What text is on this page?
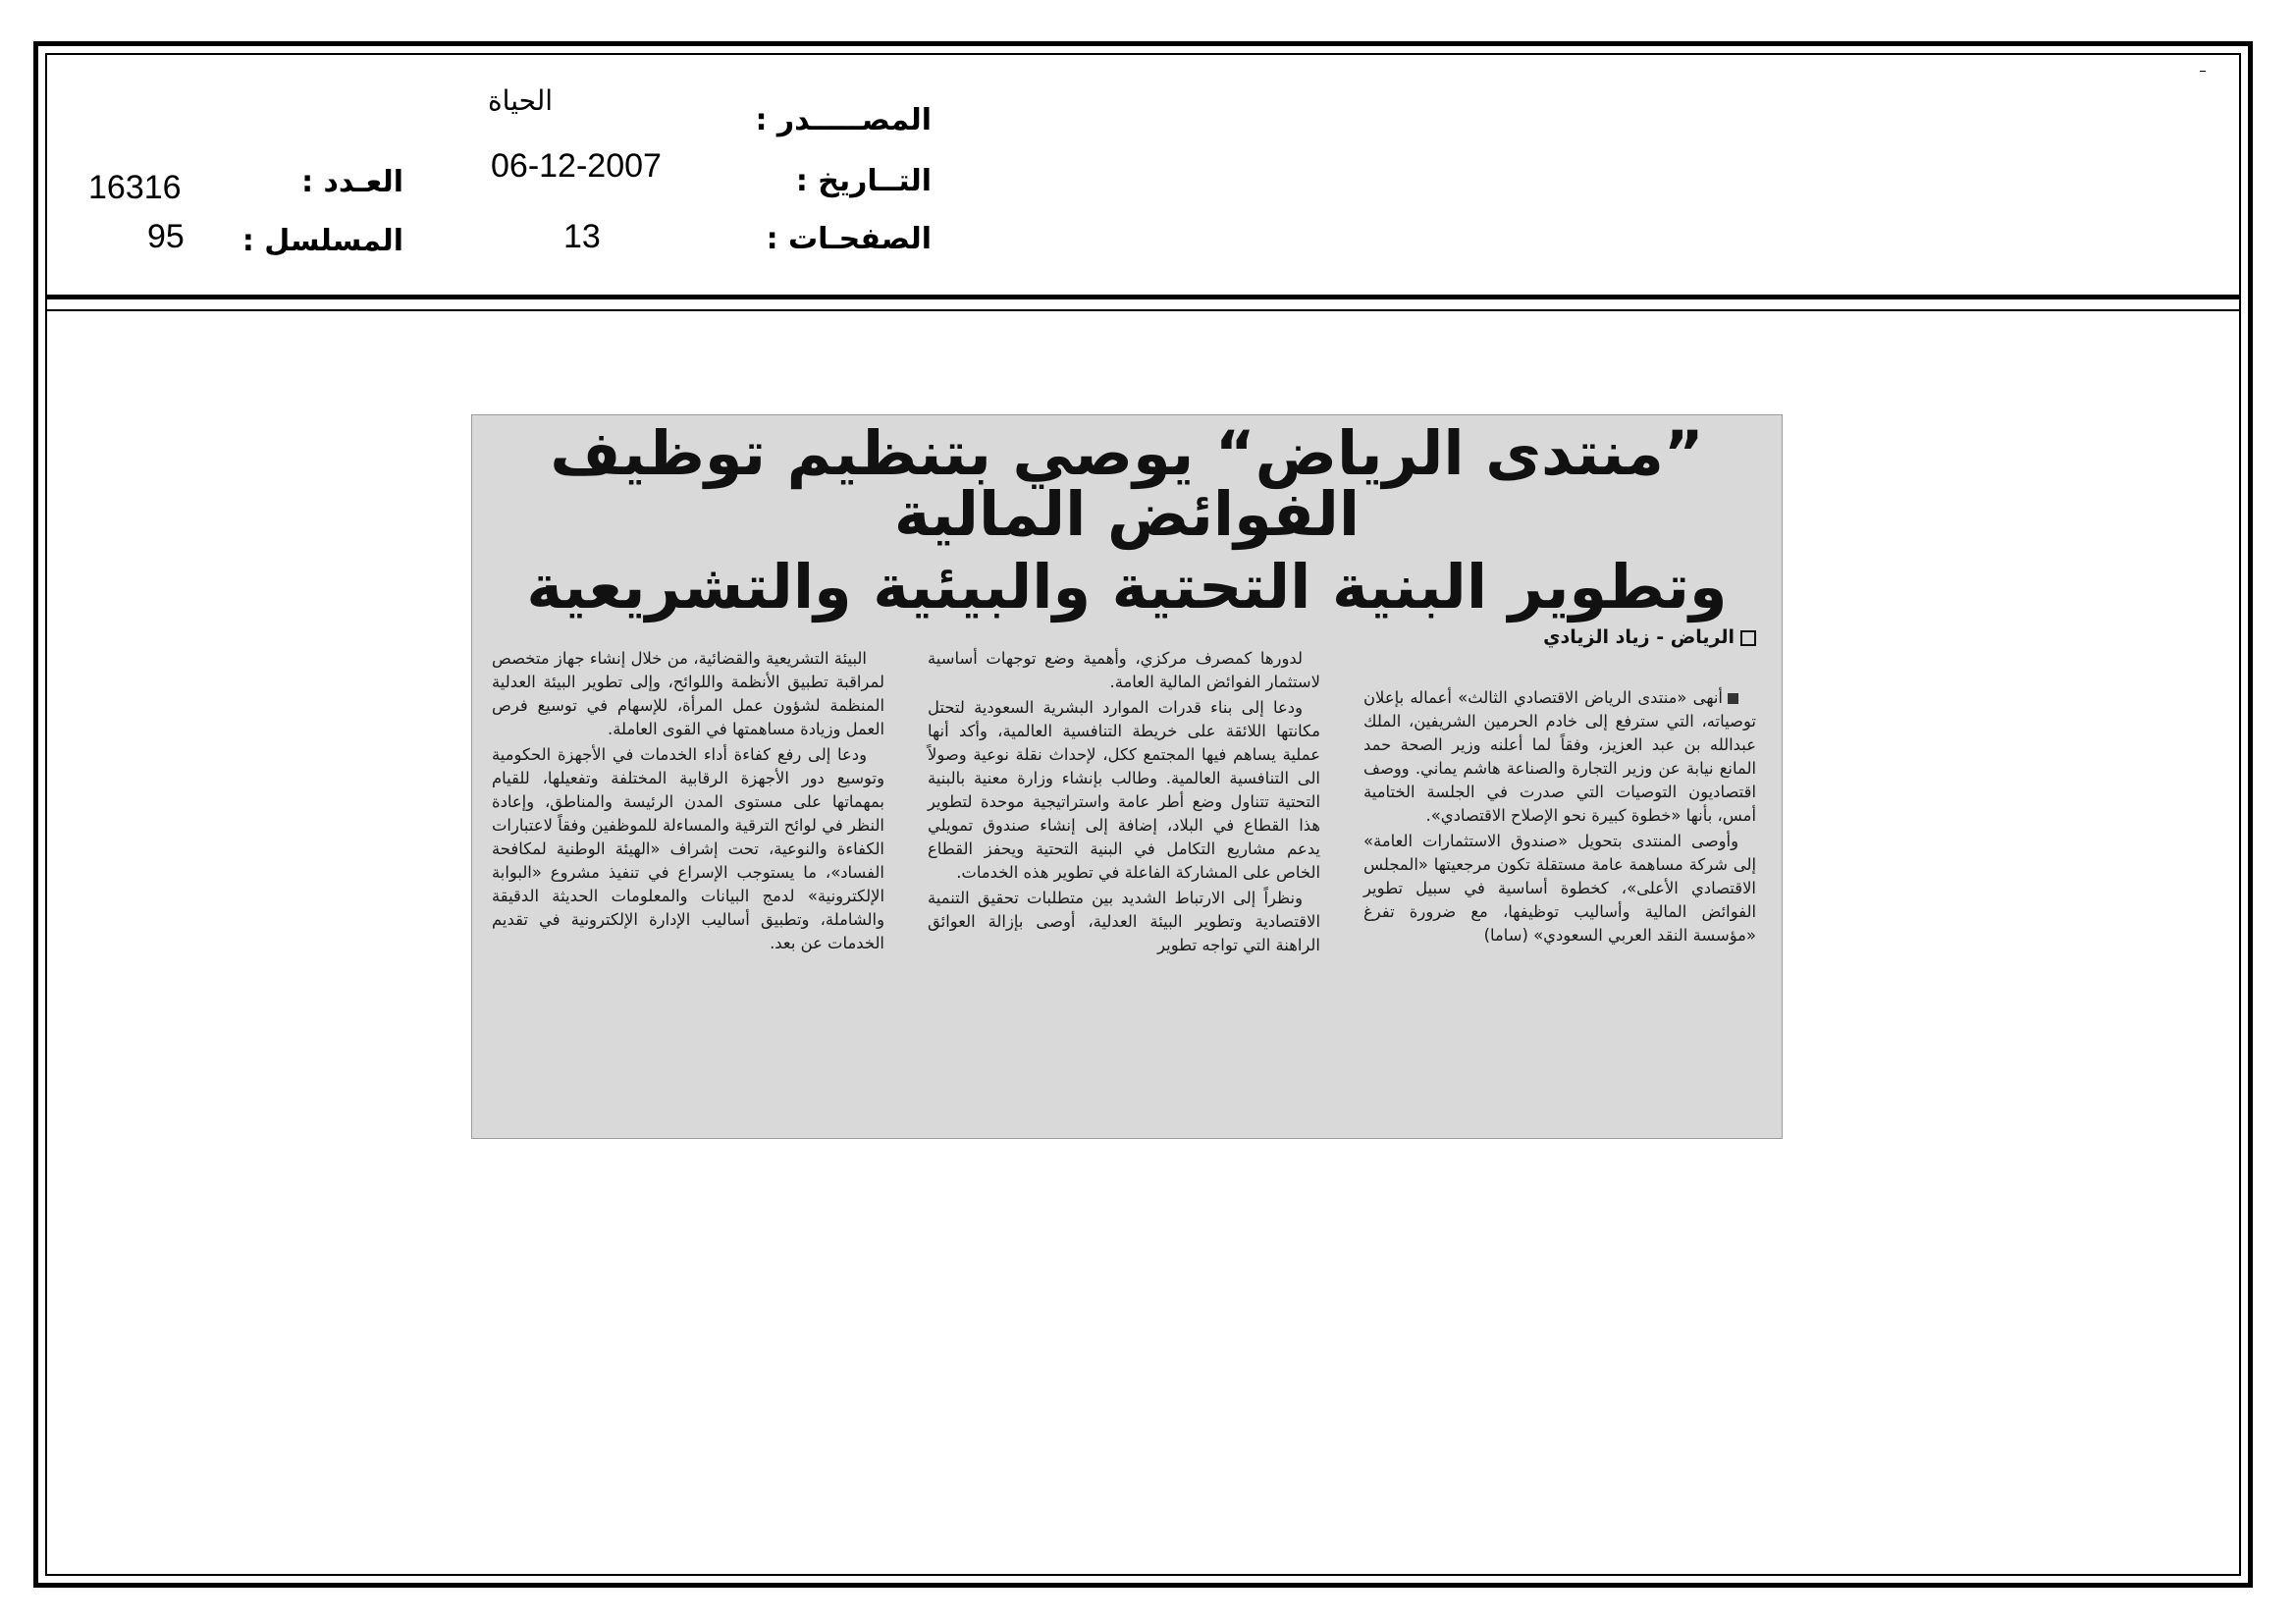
المصـــــدر :
التــاريخ :
الصفحـات :
الحياة
06-12-2007
13
العـدد :
المسلسل :
16316
95
”منتدى الرياض“ يوصي بتنظيم توظيف الفوائض المالية
وتطوير البنية التحتية والبيئية والتشريعية
الرياض - زياد الزيادي

أنهى «منتدى الرياض الاقتصادي الثالث» أعماله بإعلان توصياته، التي سترفع إلى خادم الحرمين الشريفين، الملك عبدالله بن عبد العزيز، وفقاً لما أعلنه وزير الصحة حمد المانع نيابة عن وزير التجارة والصناعة هاشم يماني. ووصف اقتصاديون التوصيات التي صدرت في الجلسة الختامية أمس، بأنها «خطوة كبيرة نحو الإصلاح الاقتصادي».

وأوصى المنتدى بتحويل «صندوق الاستثمارات العامة» إلى شركة مساهمة عامة مستقلة تكون مرجعيتها «المجلس الاقتصادي الأعلى»، كخطوة أساسية في سبيل تطوير الفوائض المالية وأساليب توظيفها، مع ضرورة تفرغ «مؤسسة النقد العربي السعودي» (ساما)

لدورها كمصرف مركزي، وأهمية وضع توجهات أساسية لاستثمار الفوائض المالية العامة.

ودعا إلى بناء قدرات الموارد البشرية السعودية لتحتل مكانتها اللائقة على خريطة التنافسية العالمية، وأكد أنها عملية يساهم فيها المجتمع ككل، لإحداث نقلة نوعية وصولاً الى التنافسية العالمية. وطالب بإنشاء وزارة معنية بالبنية التحتية تتناول وضع أطر عامة واستراتيجية موحدة لتطوير هذا القطاع في البلاد، إضافة إلى إنشاء صندوق تمويلي يدعم مشاريع التكامل في البنية التحتية ويحفز القطاع الخاص على المشاركة الفاعلة في تطوير هذه الخدمات.

ونظراً إلى الارتباط الشديد بين متطلبات تحقيق التنمية الاقتصادية وتطوير البيئة العدلية، أوصى بإزالة العوائق الراهنة التي تواجه تطوير

البيئة التشريعية والقضائية، من خلال إنشاء جهاز متخصص لمراقبة تطبيق الأنظمة واللوائح، وإلى تطوير البيئة العدلية المنظمة لشؤون عمل المرأة، للإسهام في توسيع فرص العمل وزيادة مساهمتها في القوى العاملة.

ودعا إلى رفع كفاءة أداء الخدمات في الأجهزة الحكومية وتوسيع دور الأجهزة الرقابية المختلفة وتفعيلها، للقيام بمهماتها على مستوى المدن الرئيسة والمناطق، وإعادة النظر في لوائح الترقية والمساءلة للموظفين وفقاً لاعتبارات الكفاءة والنوعية، تحت إشراف «الهيئة الوطنية لمكافحة الفساد»، ما يستوجب الإسراع في تنفيذ مشروع «البوابة الإلكترونية» لدمج البيانات والمعلومات الحديثة الدقيقة والشاملة، وتطبيق أساليب الإدارة الإلكترونية في تقديم الخدمات عن بعد.
